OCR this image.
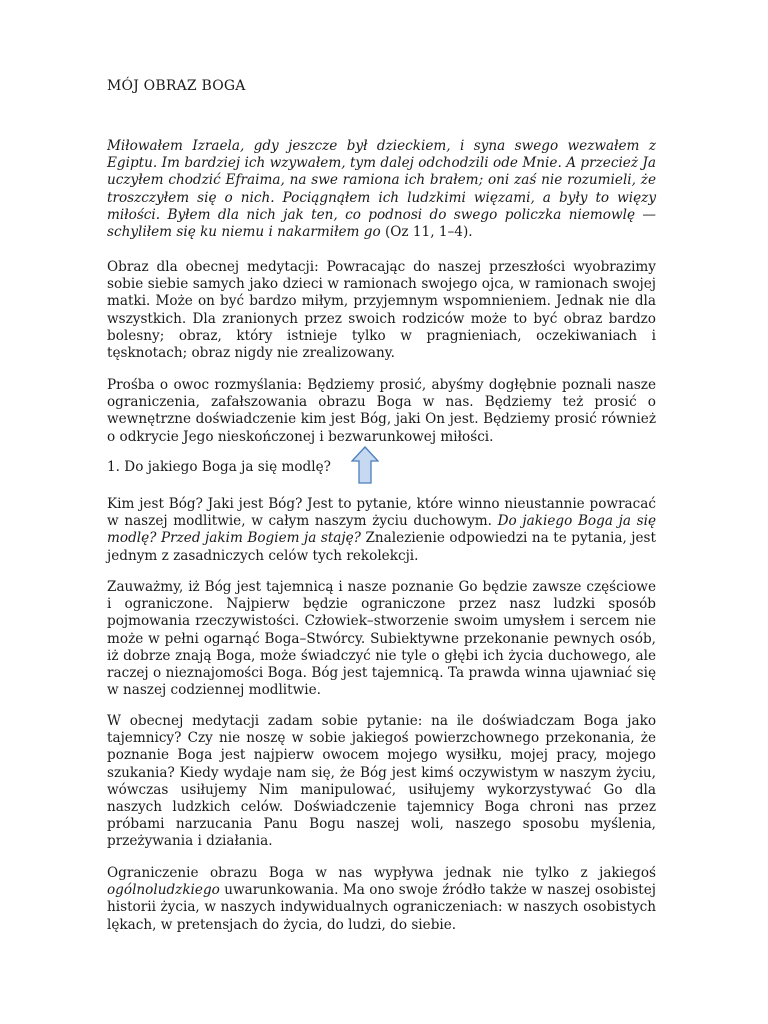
MÓJ OBRAZ BOGA

Miłowałem Izraela, gdy jeszcze był dzieckiem, i syna swego wezwałem z Egiptu. Im bardziej ich wzywałem, tym dalej odchodzili ode Mnie. A przecież Ja uczyłem chodzić Efraima, na swe ramiona ich brałem; oni zaś nie rozumieli, że troszczyłem się o nich. Pociągnąłem ich ludzkimi więzami, a były to więzy miłości. Byłem dla nich jak ten, co podnosi do swego policzka niemowlę — schyliłem się ku niemu i nakarmiłem go (Oz 11, 1–4).

Obraz dla obecnej medytacji: Powracając do naszej przeszłości wyobrazimy sobie siebie samych jako dzieci w ramionach swojego ojca, w ramionach swojej matki. Może on być bardzo miłym, przyjemnym wspomnieniem. Jednak nie dla wszystkich. Dla zranionych przez swoich rodziców może to być obraz bardzo bolesny; obraz, który istnieje tylko w pragnieniach, oczekiwaniach i tęsknotach; obraz nigdy nie zrealizowany.

Prośba o owoc rozmyślania: Będziemy prosić, abyśmy dogłębnie poznali nasze ograniczenia, zafałszowania obrazu Boga w nas. Będziemy też prosić o wewnętrzne doświadczenie kim jest Bóg, jaki On jest. Będziemy prosić również o odkrycie Jego nieskończonej i bezwarunkowej miłości.

1. Do jakiego Boga ja się modlę?

Kim jest Bóg? Jaki jest Bóg? Jest to pytanie, które winno nieustannie powracać w naszej modlitwie, w całym naszym życiu duchowym. Do jakiego Boga ja się modlę? Przed jakim Bogiem ja staję? Znalezienie odpowiedzi na te pytania, jest jednym z zasadniczych celów tych rekolekcji.

Zauważmy, iż Bóg jest tajemnicą i nasze poznanie Go będzie zawsze częściowe i ograniczone. Najpierw będzie ograniczone przez nasz ludzki sposób pojmowania rzeczywistości. Człowiek–stworzenie swoim umysłem i sercem nie może w pełni ogarnąć Boga–Stwórcy. Subiektywne przekonanie pewnych osób, iż dobrze znają Boga, może świadczyć nie tyle o głębi ich życia duchowego, ale raczej o nieznajomości Boga. Bóg jest tajemnicą. Ta prawda winna ujawniać się w naszej codziennej modlitwie.

W obecnej medytacji zadam sobie pytanie: na ile doświadczam Boga jako tajemnicy? Czy nie noszę w sobie jakiegoś powierzchownego przekonania, że poznanie Boga jest najpierw owocem mojego wysiłku, mojej pracy, mojego szukania? Kiedy wydaje nam się, że Bóg jest kimś oczywistym w naszym życiu, wówczas usiłujemy Nim manipulować, usiłujemy wykorzystywać Go dla naszych ludzkich celów. Doświadczenie tajemnicy Boga chroni nas przez próbami narzucania Panu Bogu naszej woli, naszego sposobu myślenia, przeżywania i działania.

Ograniczenie obrazu Boga w nas wypływa jednak nie tylko z jakiegoś ogólnoludzkiego uwarunkowania. Ma ono swoje źródło także w naszej osobistej historii życia, w naszych indywidualnych ograniczeniach: w naszych osobistych lękach, w pretensjach do życia, do ludzi, do siebie.
